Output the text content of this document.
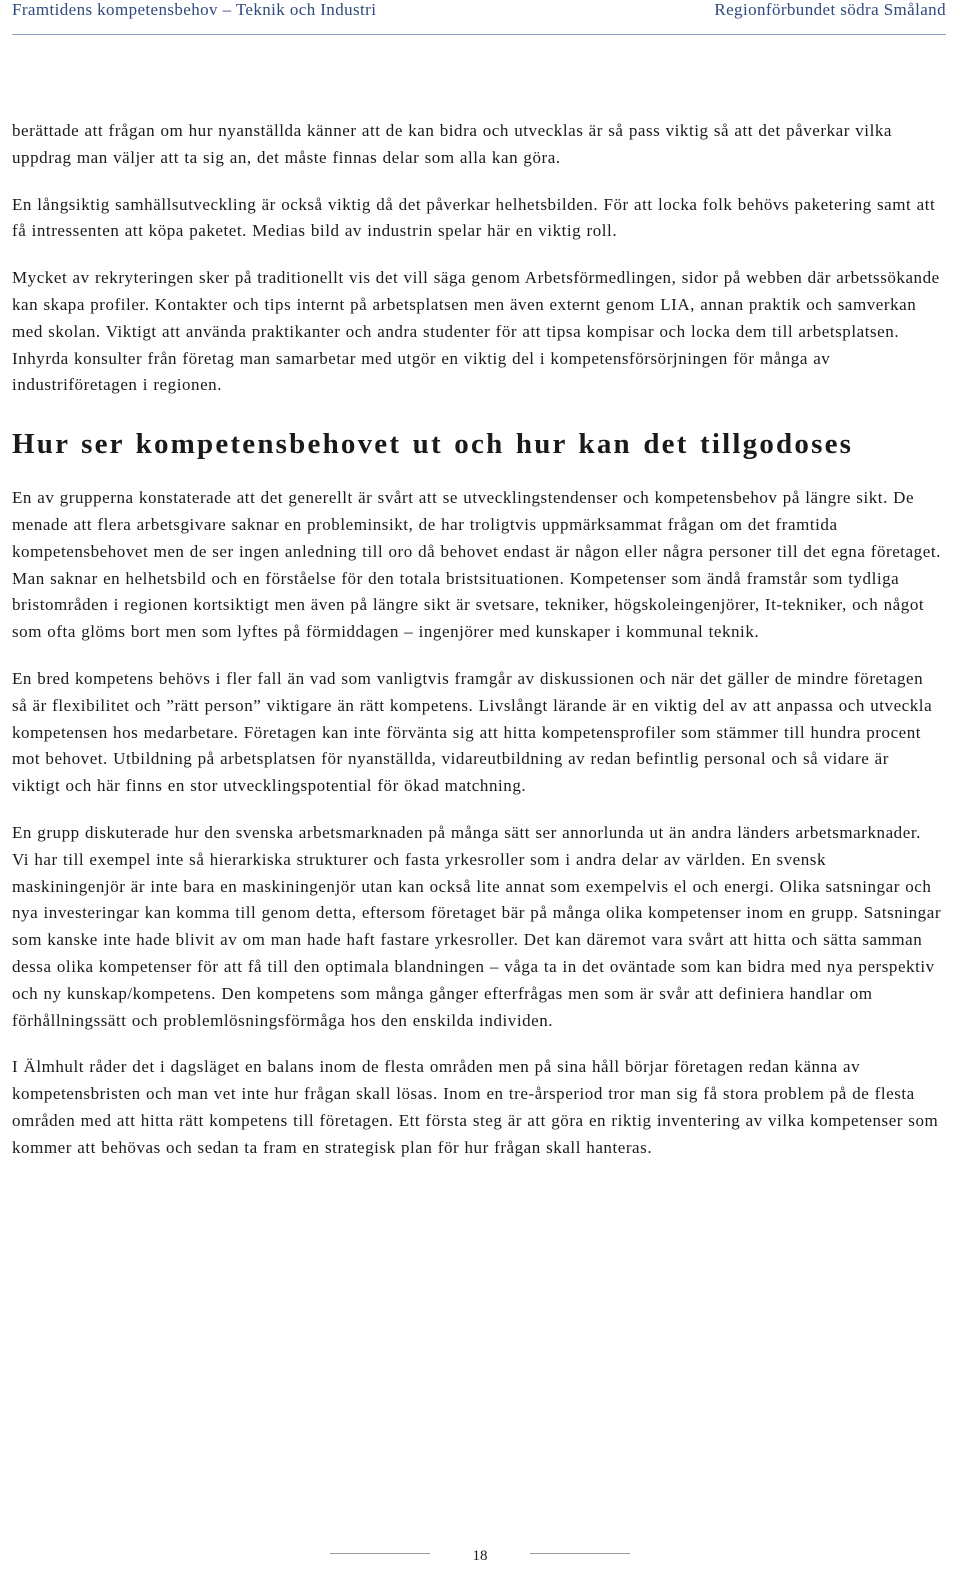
Framtidens kompetensbehov – Teknik och Industri	Regionförbundet södra Småland

berättade att frågan om hur nyanställda känner att de kan bidra och utvecklas är så pass viktig så att det påverkar vilka uppdrag man väljer att ta sig an, det måste finnas delar som alla kan göra.

En långsiktig samhällsutveckling är också viktig då det påverkar helhetsbilden. För att locka folk behövs paketering samt att få intressenten att köpa paketet. Medias bild av industrin spelar här en viktig roll.

Mycket av rekryteringen sker på traditionellt vis det vill säga genom Arbetsförmedlingen, sidor på webben där arbetssökande kan skapa profiler. Kontakter och tips internt på arbetsplatsen men även externt genom LIA, annan praktik och samverkan med skolan. Viktigt att använda praktikanter och andra studenter för att tipsa kompisar och locka dem till arbetsplatsen. Inhyrda konsulter från företag man samarbetar med utgör en viktig del i kompetensförsörjningen för många av industriföretagen i regionen.

Hur ser kompetensbehovet ut och hur kan det tillgodoses

En av grupperna konstaterade att det generellt är svårt att se utvecklingstendenser och kompetensbehov på längre sikt. De menade att flera arbetsgivare saknar en probleminsikt, de har troligtvis uppmärksammat frågan om det framtida kompetensbehovet men de ser ingen anledning till oro då behovet endast är någon eller några personer till det egna företaget. Man saknar en helhetsbild och en förståelse för den totala bristsituationen. Kompetenser som ändå framstår som tydliga bristområden i regionen kortsiktigt men även på längre sikt är svetsare, tekniker, högskoleingenjörer, It-tekniker, och något som ofta glöms bort men som lyftes på förmiddagen – ingenjörer med kunskaper i kommunal teknik.

En bred kompetens behövs i fler fall än vad som vanligtvis framgår av diskussionen och när det gäller de mindre företagen så är flexibilitet och ”rätt person” viktigare än rätt kompetens. Livslångt lärande är en viktig del av att anpassa och utveckla kompetensen hos medarbetare. Företagen kan inte förvänta sig att hitta kompetensprofiler som stämmer till hundra procent mot behovet. Utbildning på arbetsplatsen för nyanställda, vidareutbildning av redan befintlig personal och så vidare är viktigt och här finns en stor utvecklingspotential för ökad matchning.

En grupp diskuterade hur den svenska arbetsmarknaden på många sätt ser annorlunda ut än andra länders arbetsmarknader. Vi har till exempel inte så hierarkiska strukturer och fasta yrkesroller som i andra delar av världen. En svensk maskiningenjör är inte bara en maskiningenjör utan kan också lite annat som exempelvis el och energi. Olika satsningar och nya investeringar kan komma till genom detta, eftersom företaget bär på många olika kompetenser inom en grupp. Satsningar som kanske inte hade blivit av om man hade haft fastare yrkesroller. Det kan däremot vara svårt att hitta och sätta samman dessa olika kompetenser för att få till den optimala blandningen – våga ta in det oväntade som kan bidra med nya perspektiv och ny kunskap/kompetens. Den kompetens som många gånger efterfrågas men som är svår att definiera handlar om förhållningssätt och problemlösningsförmåga hos den enskilda individen.

I Älmhult råder det i dagsläget en balans inom de flesta områden men på sina håll börjar företagen redan känna av kompetensbristen och man vet inte hur frågan skall lösas. Inom en tre-årsperiod tror man sig få stora problem på de flesta områden med att hitta rätt kompetens till företagen. Ett första steg är att göra en riktig inventering av vilka kompetenser som kommer att behövas och sedan ta fram en strategisk plan för hur frågan skall hanteras.

18
